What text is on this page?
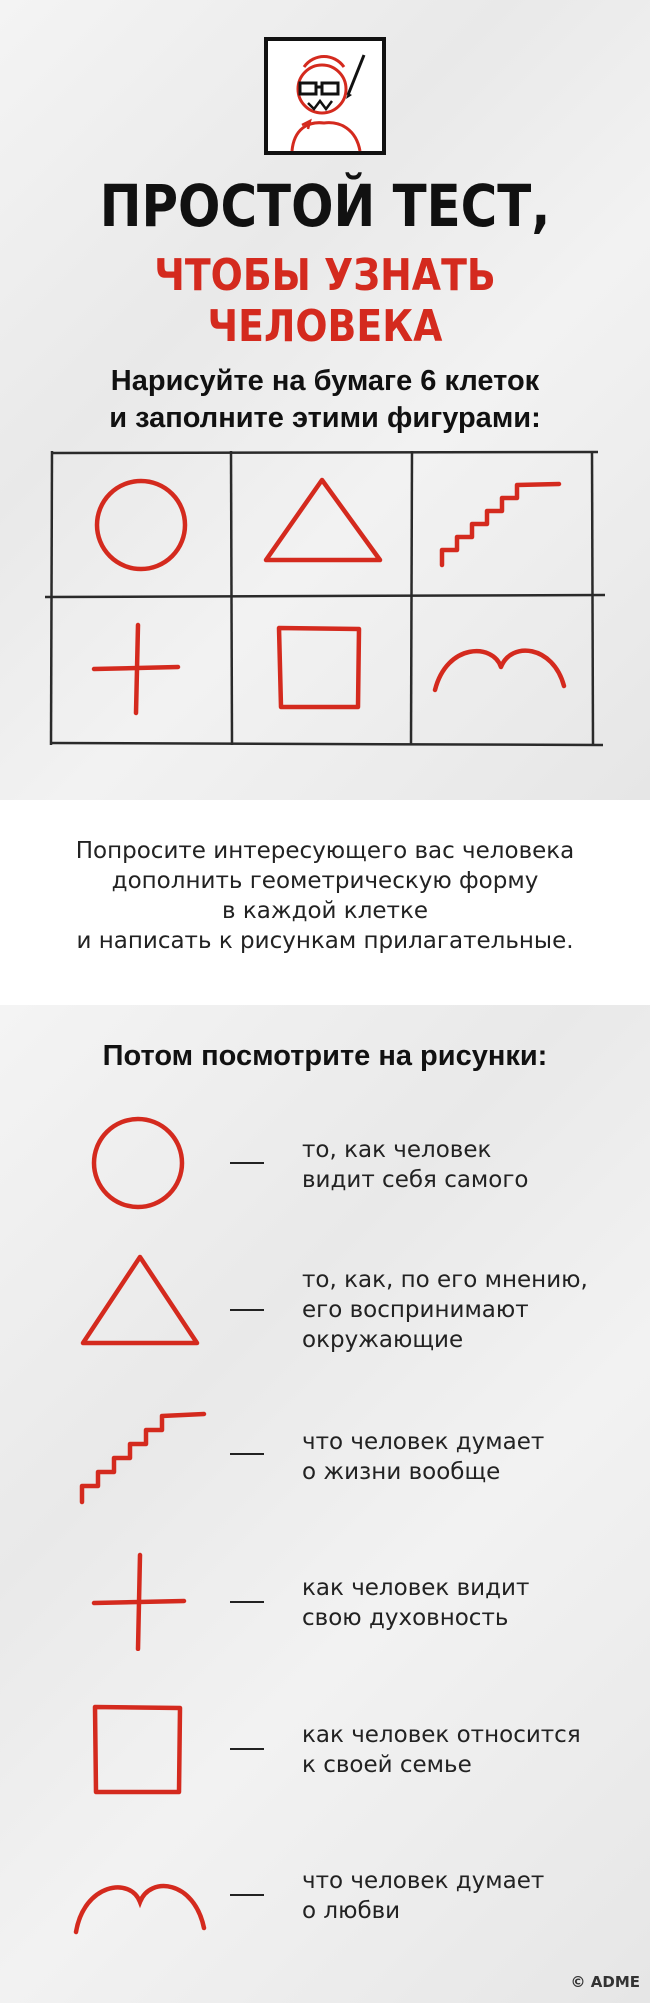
ПРОСТОЙ ТЕСТ,
ЧТОБЫ УЗНАТЬ ЧЕЛОВЕКА
Нарисуйте на бумаге 6 клеток
и заполните этими фигурами:
Попросите интересующего вас человека
дополнить геометрическую форму
в каждой клетке
и написать к рисункам прилагательные.
Потом посмотрите на рисунки:
то, как человек
видит себя самого
то, как, по его мнению,
его воспринимают
окружающие
что человек думает
о жизни вообще
как человек видит
свою духовность
как человек относится
к своей семье
что человек думает
о любви
© ADME
